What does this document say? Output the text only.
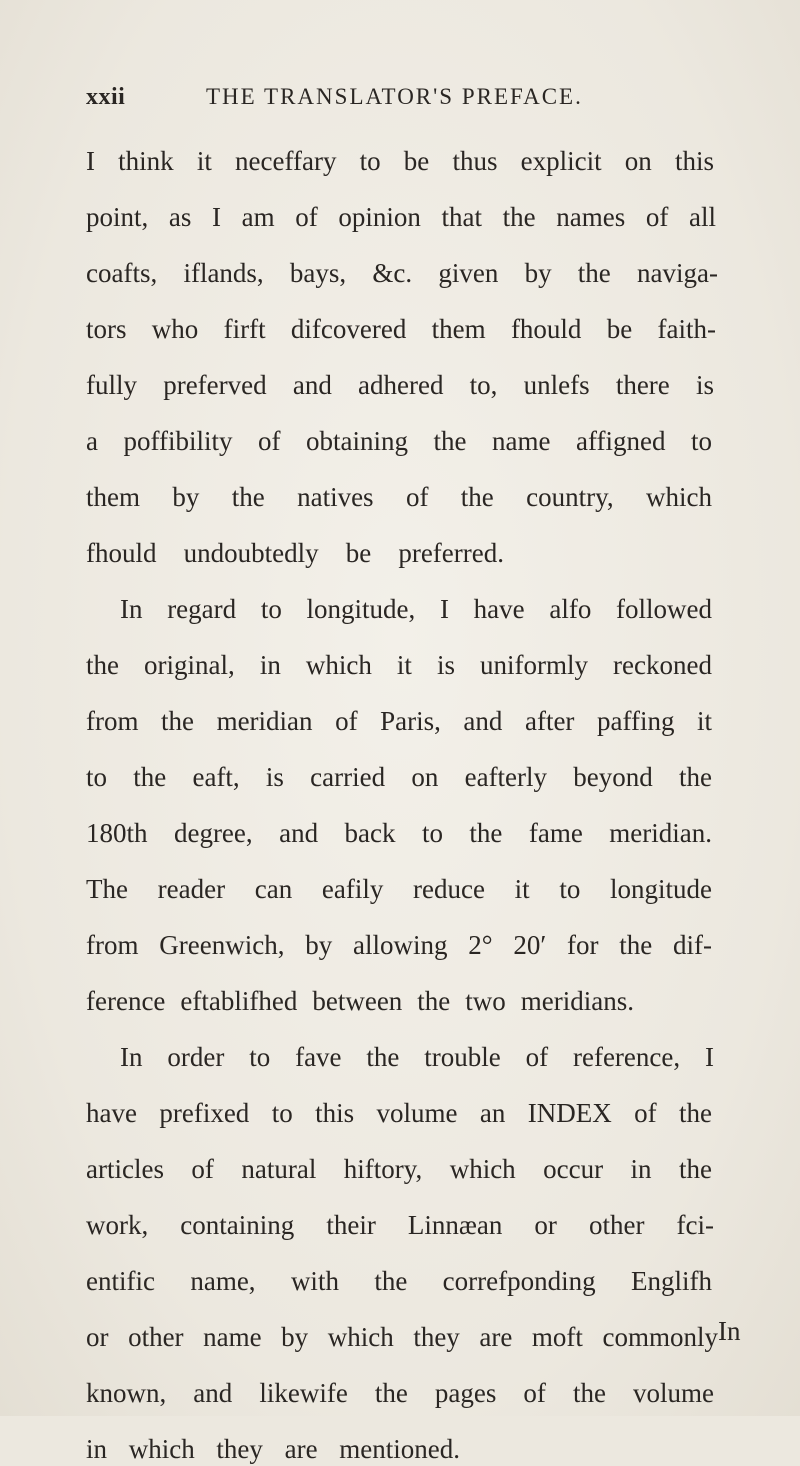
xxii	THE TRANSLATOR'S PREFACE.
I think it neceffary to be thus explicit on this
point, as I am of opinion that the names of all
coafts, iflands, bays, &c. given by the naviga-
tors who firft difcovered them fhould be faith-
fully preferved and adhered to, unlefs there is
a poffibility of obtaining the name affigned to
them by the natives of the country, which
fhould undoubtedly be preferred.
In regard to longitude, I have alfo followed
the original, in which it is uniformly reckoned
from the meridian of Paris, and after paffing it
to the eaft, is carried on eafterly beyond the
180th degree, and back to the fame meridian.
The reader can eafily reduce it to longitude
from Greenwich, by allowing 2° 20′ for the dif-
ference eftablifhed between the two meridians.
In order to fave the trouble of reference, I
have prefixed to this volume an INDEX of the
articles of natural hiftory, which occur in the
work, containing their Linnæan or other fci-
entific name, with the correfponding Englifh
or other name by which they are moft commonly
known, and likewife the pages of the volume
in which they are mentioned.
In
